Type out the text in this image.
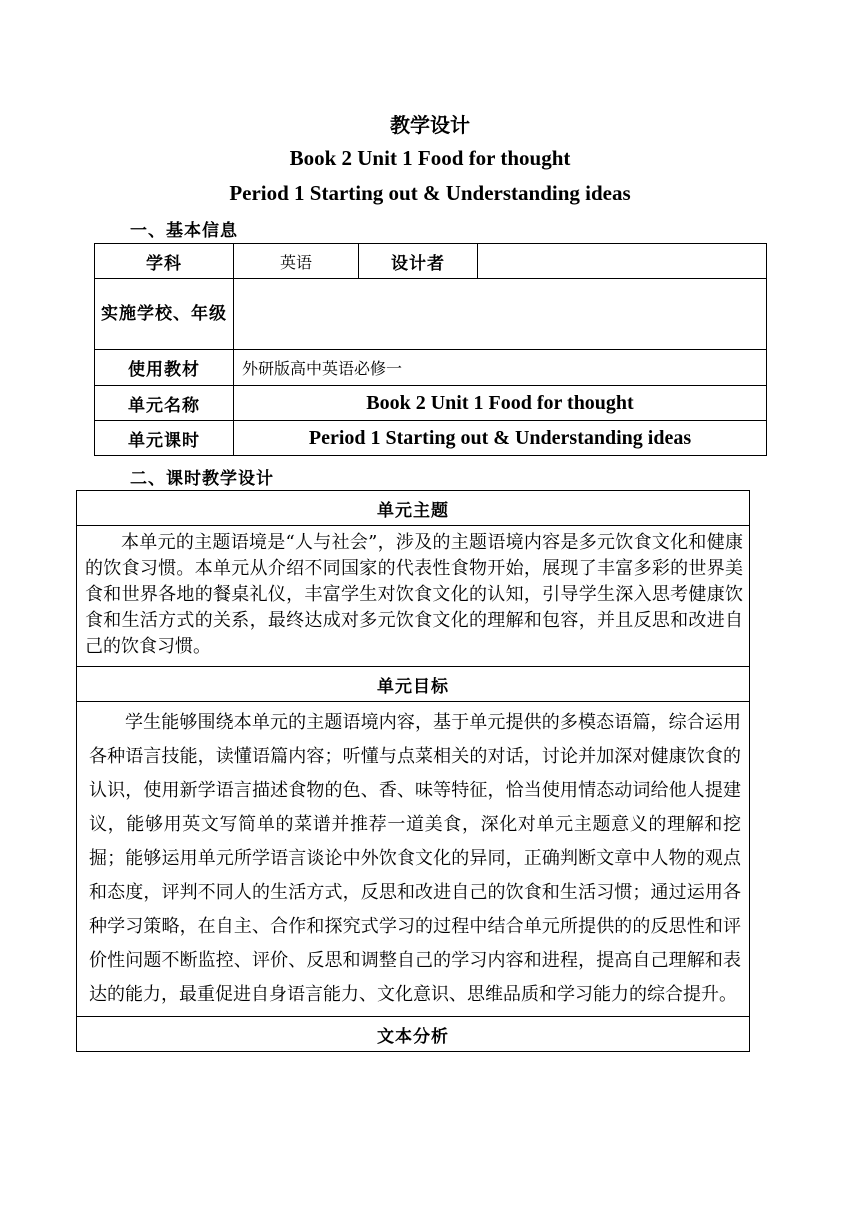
教学设计
Book 2 Unit 1 Food for thought
Period 1 Starting out & Understanding ideas
一、基本信息
学科	英语	设计者	
实施学校、年级			
使用教材	外研版高中英语必修一		
单元名称	Book 2 Unit 1 Food for thought		
单元课时	Period 1 Starting out & Understanding ideas		
二、课时教学设计
单元主题

本单元的主题语境是“人与社会”，涉及的主题语境内容是多元饮食文化和健康的饮食习惯。本单元从介绍不同国家的代表性食物开始，展现了丰富多彩的世界美食和世界各地的餐桌礼仪，丰富学生对饮食文化的认知，引导学生深入思考健康饮食和生活方式的关系，最终达成对多元饮食文化的理解和包容，并且反思和改进自己的饮食习惯。

单元目标

学生能够围绕本单元的主题语境内容，基于单元提供的多模态语篇，综合运用各种语言技能，读懂语篇内容；听懂与点菜相关的对话，讨论并加深对健康饮食的认识，使用新学语言描述食物的色、香、味等特征，恰当使用情态动词给他人提建议，能够用英文写简单的菜谱并推荐一道美食，深化对单元主题意义的理解和挖掘；能够运用单元所学语言谈论中外饮食文化的异同，正确判断文章中人物的观点和态度，评判不同人的生活方式，反思和改进自己的饮食和生活习惯；通过运用各种学习策略，在自主、合作和探究式学习的过程中结合单元所提供的的反思性和评价性问题不断监控、评价、反思和调整自己的学习内容和进程，提高自己理解和表达的能力，最重促进自身语言能力、文化意识、思维品质和学习能力的综合提升。

文本分析
